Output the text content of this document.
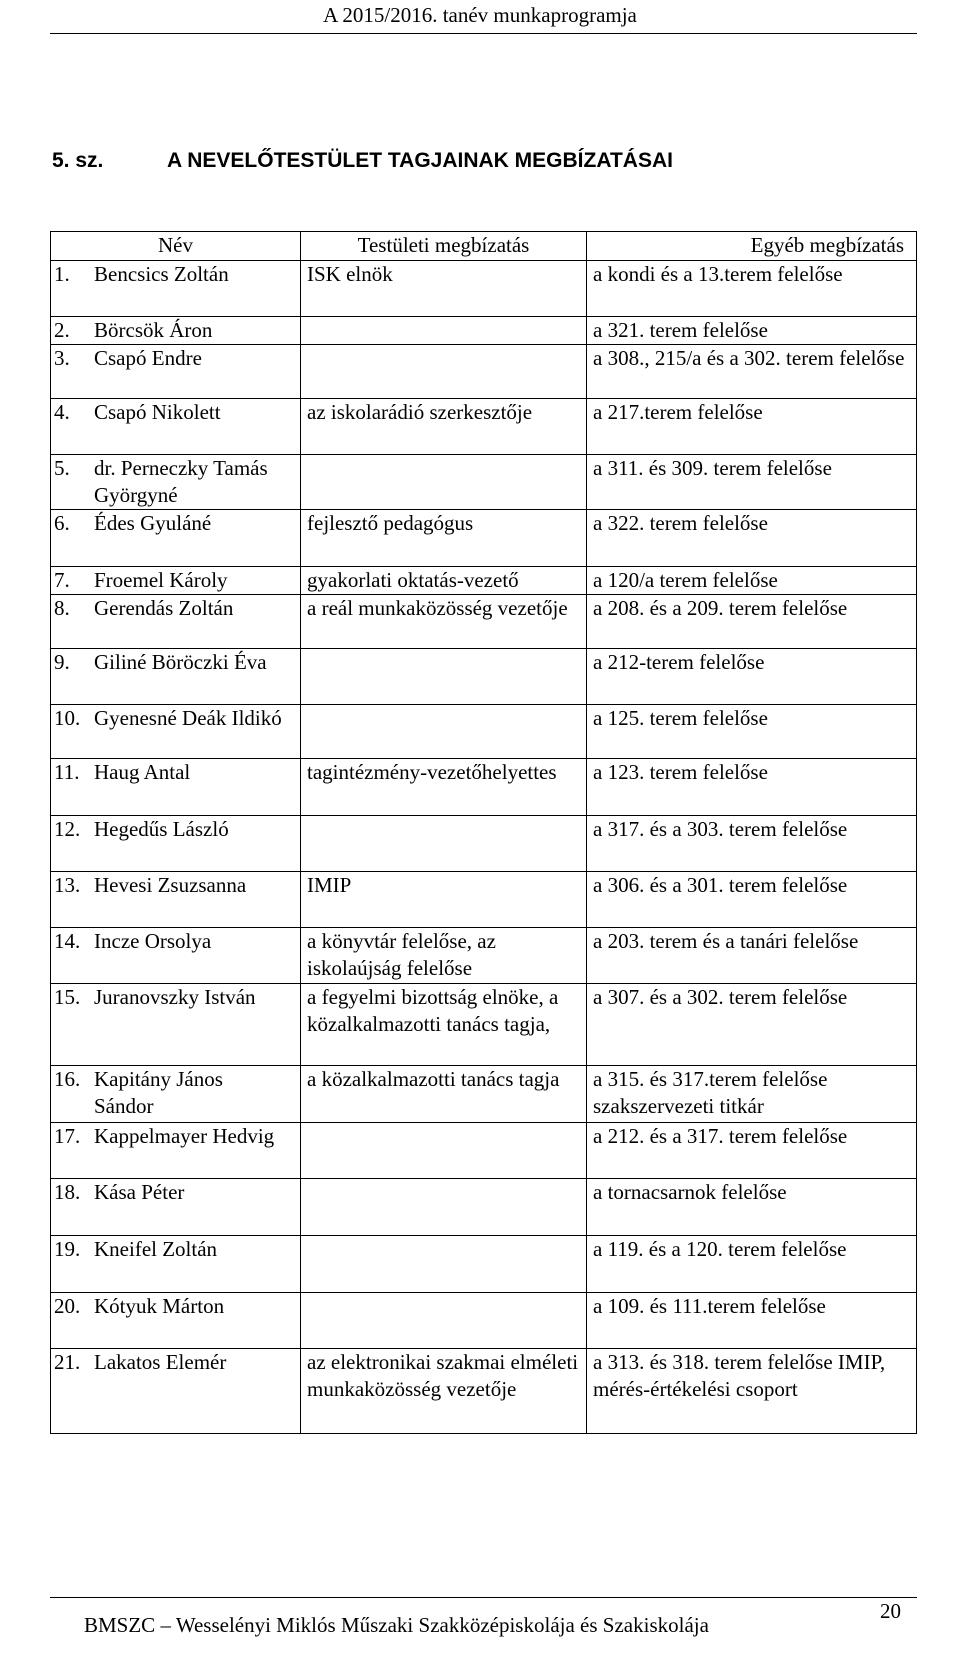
A 2015/2016. tanév munkaprogramja
5. sz.	A NEVELŐTESTÜLET TAGJAINAK MEGBÍZATÁSAI
Név	Testületi megbízatás	Egyéb megbízatás
1. Bencsics Zoltán	ISK elnök	a kondi és a 13.terem felelőse
2. Börcsök Áron		a 321. terem felelőse
3. Csapó Endre		a 308., 215/a és a 302. terem felelőse
4. Csapó Nikolett	az iskolarádió szerkesztője	a 217.terem felelőse
5. dr. Perneczky Tamás Györgyné		a 311. és 309. terem felelőse
6. Édes Gyuláné	fejlesztő pedagógus	a 322. terem felelőse
7. Froemel Károly	gyakorlati oktatás-vezető	a 120/a terem felelőse
8. Gerendás Zoltán	a reál munkaközösség vezetője	a 208. és a 209. terem felelőse
9. Giliné Böröczki Éva		a 212-terem felelőse
10. Gyenesné Deák Ildikó		a 125. terem felelőse
11. Haug Antal	tagintézmény-vezetőhelyettes	a 123. terem felelőse
12. Hegedűs László		a 317. és a 303. terem felelőse
13. Hevesi Zsuzsanna	IMIP	a 306. és a 301. terem felelőse
14. Incze Orsolya	a könyvtár felelőse, az iskolaújság felelőse	a 203. terem és a tanári felelőse
15. Juranovszky István	a fegyelmi bizottság elnöke, a közalkalmazotti tanács tagja,	a 307. és a 302. terem felelőse
16. Kapitány János Sándor	a közalkalmazotti tanács tagja	a 315. és 317.terem felelőse szakszervezeti titkár
17. Kappelmayer Hedvig		a 212. és a 317. terem felelőse
18. Kása Péter		a tornacsarnok felelőse
19. Kneifel Zoltán		a 119. és a 120. terem felelőse
20. Kótyuk Márton		a 109. és 111.terem felelőse
21. Lakatos Elemér	az elektronikai szakmai elméleti munkaközösség vezetője	a 313. és 318. terem felelőse IMIP, mérés-értékelési csoport
BMSZC – Wesselényi Miklós Műszaki Szakközépiskolája és Szakiskolája
20
